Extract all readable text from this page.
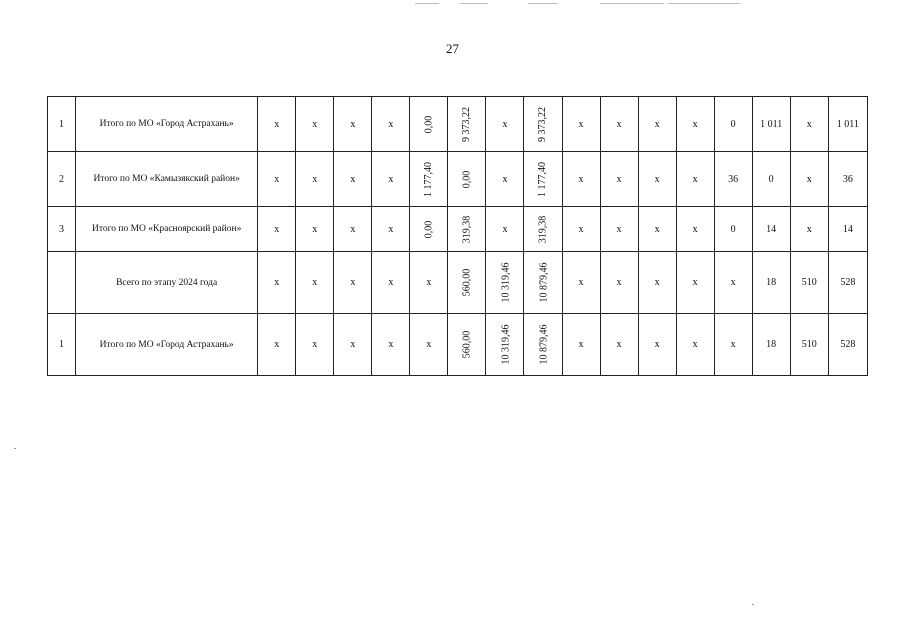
27
1	Итого по МО «Город Астрахань»	х	х	х	х	0,00	9 373,22	х	9 373,22	х	х	х	х	0	1 011	х	1 011
2	Итого по МО «Камызякский район»	х	х	х	х	1 177,40	0,00	х	1 177,40	х	х	х	х	36	0	х	36
3	Итого по МО «Красноярский район»	х	х	х	х	0,00	319,38	х	319,38	х	х	х	х	0	14	х	14
	Всего по этапу 2024 года	х	х	х	х	х	560,00	10 319,46	10 879,46	х	х	х	х	х	18	510	528
1	Итого по МО «Город Астрахань»	х	х	х	х	х	560,00	10 319,46	10 879,46	х	х	х	х	х	18	510	528
